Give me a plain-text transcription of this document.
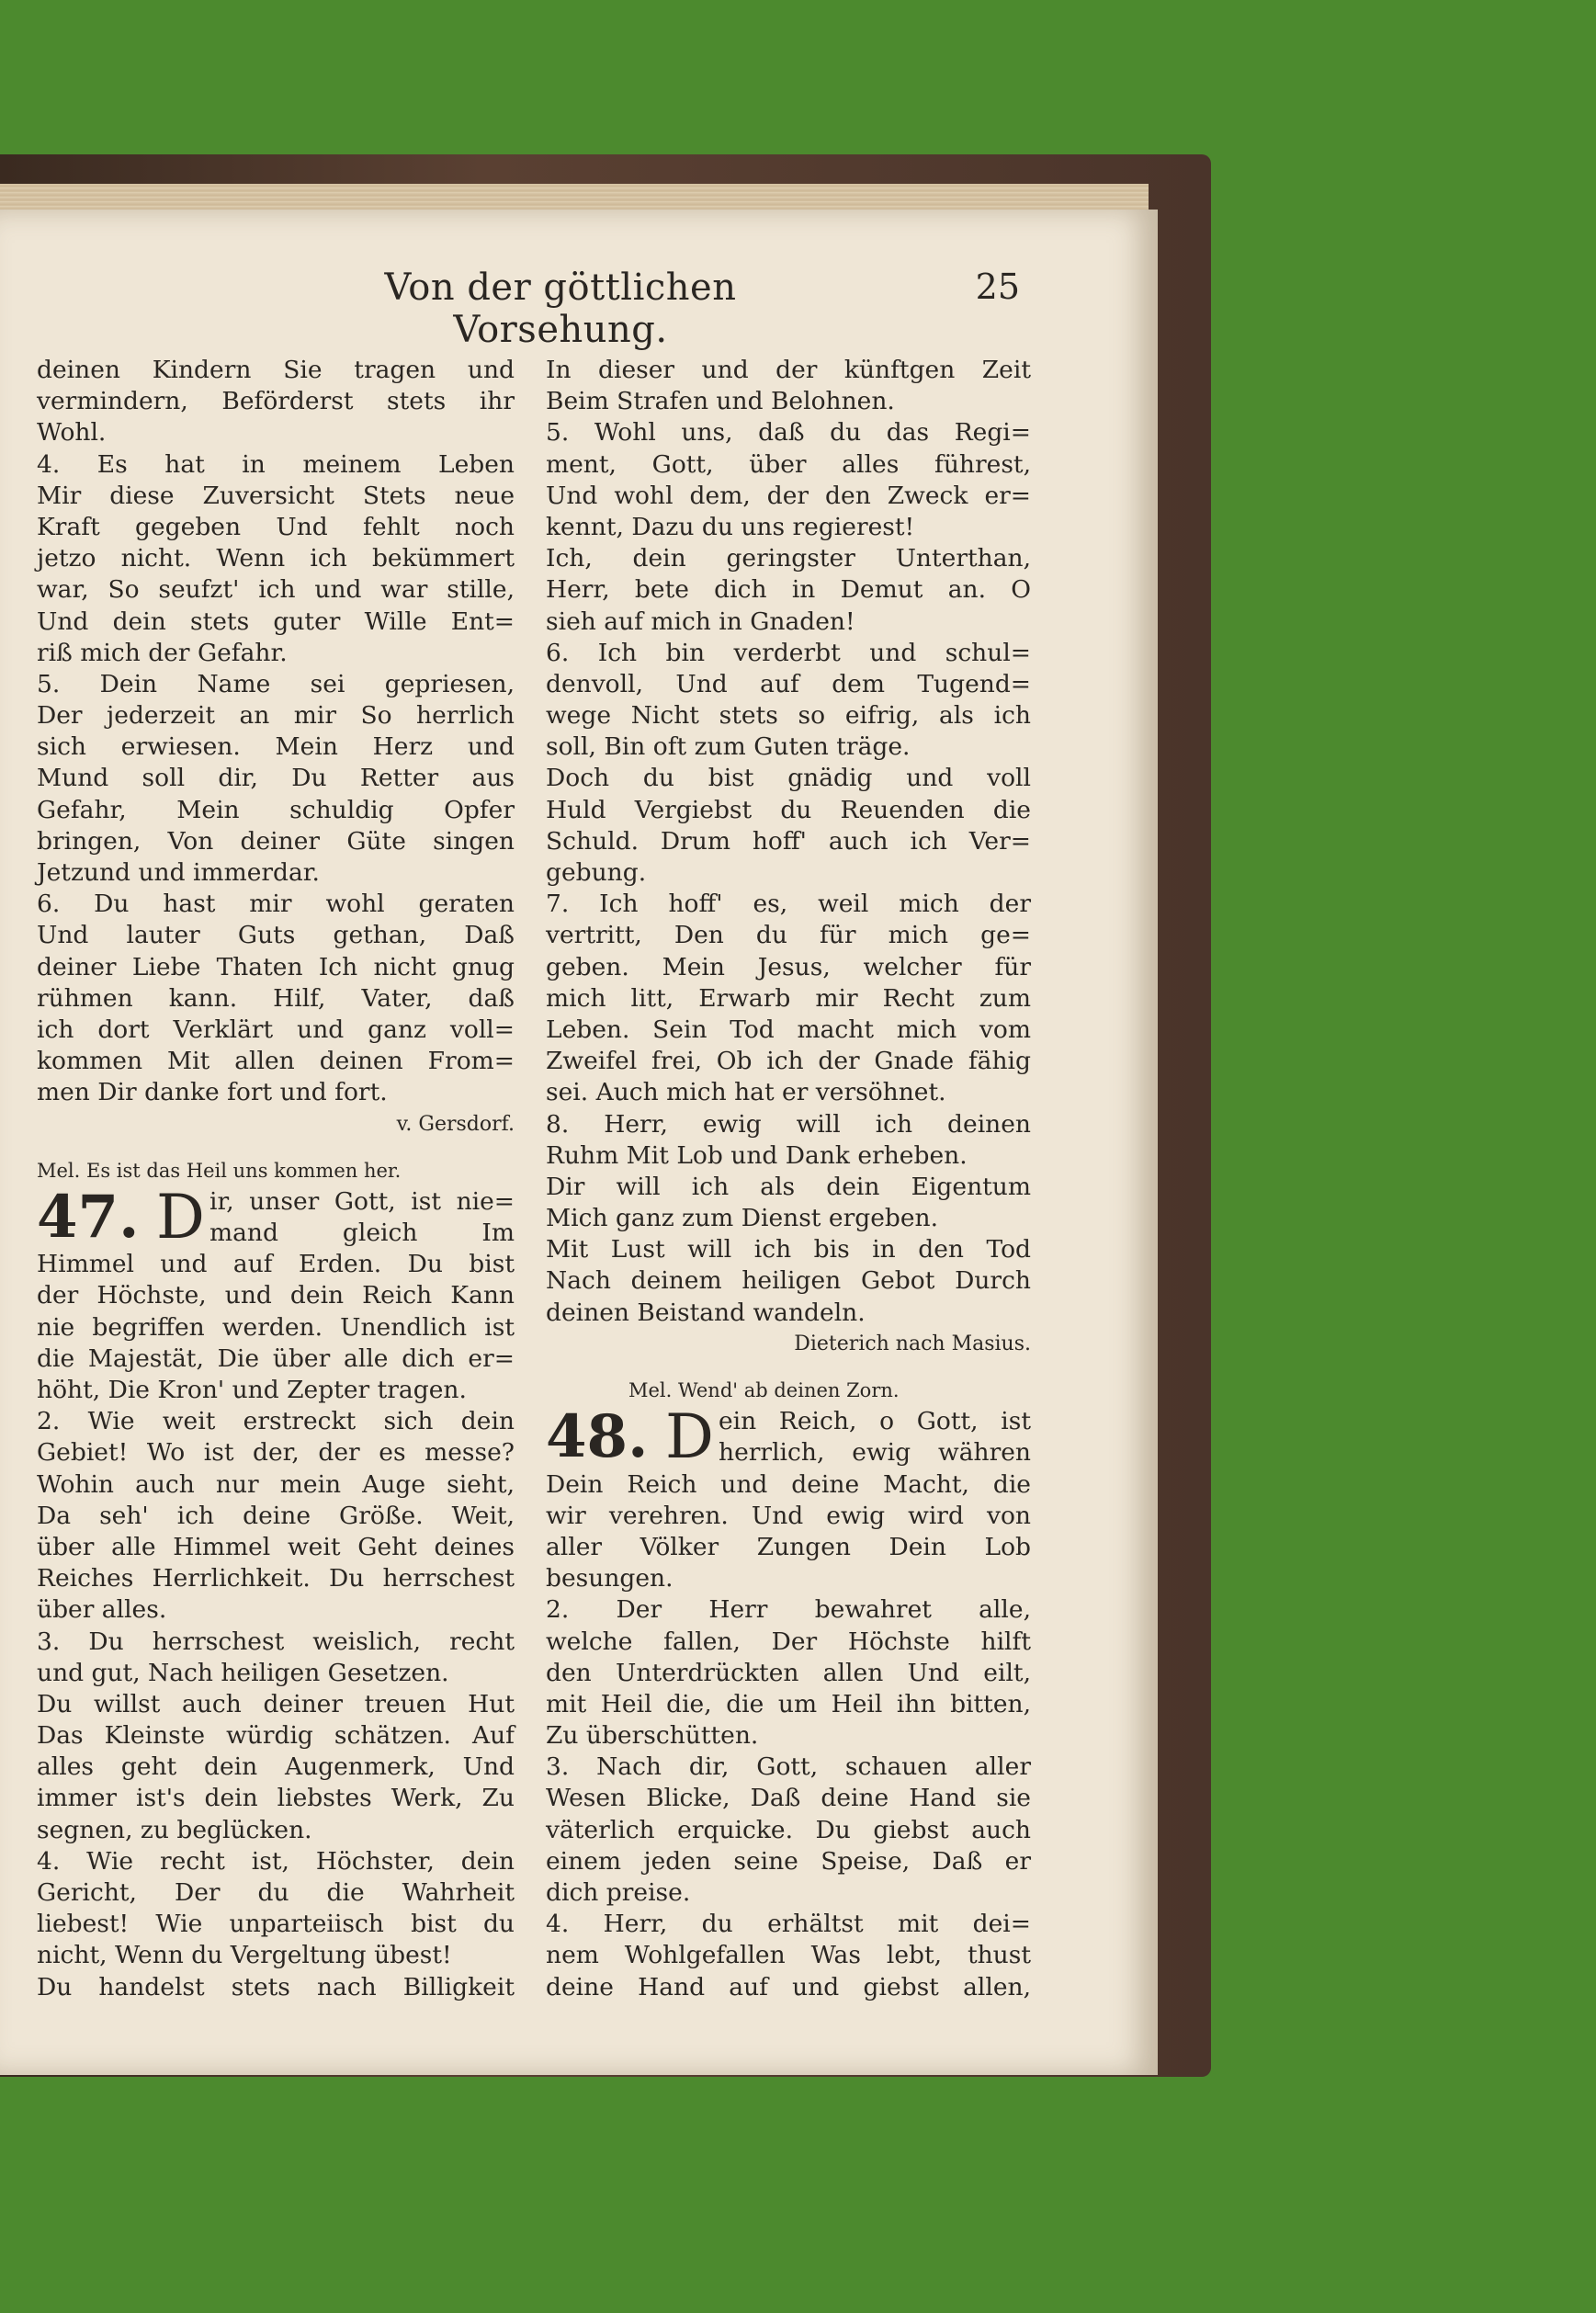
Von der göttlichen Vorsehung.
25
deinen Kindern Sie tragen und
vermindern, Beförderst stets ihr
Wohl.
4. Es hat in meinem Leben
Mir diese Zuversicht Stets neue
Kraft gegeben Und fehlt noch
jetzo nicht. Wenn ich bekümmert
war, So seufzt' ich und war stille,
Und dein stets guter Wille Ent=
riß mich der Gefahr.
5. Dein Name sei gepriesen,
Der jederzeit an mir So herrlich
sich erwiesen. Mein Herz und
Mund soll dir, Du Retter aus
Gefahr, Mein schuldig Opfer
bringen, Von deiner Güte singen
Jetzund und immerdar.
6. Du hast mir wohl geraten
Und lauter Guts gethan, Daß
deiner Liebe Thaten Ich nicht gnug
rühmen kann. Hilf, Vater, daß
ich dort Verklärt und ganz voll=
kommen Mit allen deinen From=
men Dir danke fort und fort.
v. Gersdorf.
Mel. Es ist das Heil uns kommen her.
47. D ir, unser Gott, ist nie=
mand gleich Im
Himmel und auf Erden. Du bist
der Höchste, und dein Reich Kann
nie begriffen werden. Unendlich ist
die Majestät, Die über alle dich er=
höht, Die Kron' und Zepter tragen.
2. Wie weit erstreckt sich dein
Gebiet! Wo ist der, der es messe?
Wohin auch nur mein Auge sieht,
Da seh' ich deine Größe. Weit,
über alle Himmel weit Geht deines
Reiches Herrlichkeit. Du herrschest
über alles.
3. Du herrschest weislich, recht
und gut, Nach heiligen Gesetzen.
Du willst auch deiner treuen Hut
Das Kleinste würdig schätzen. Auf
alles geht dein Augenmerk, Und
immer ist's dein liebstes Werk, Zu
segnen, zu beglücken.
4. Wie recht ist, Höchster, dein
Gericht, Der du die Wahrheit
liebest! Wie unparteiisch bist du
nicht, Wenn du Vergeltung übest!
Du handelst stets nach Billigkeit
In dieser und der künftgen Zeit
Beim Strafen und Belohnen.
5. Wohl uns, daß du das Regi=
ment, Gott, über alles führest,
Und wohl dem, der den Zweck er=
kennt, Dazu du uns regierest!
Ich, dein geringster Unterthan,
Herr, bete dich in Demut an. O
sieh auf mich in Gnaden!
6. Ich bin verderbt und schul=
denvoll, Und auf dem Tugend=
wege Nicht stets so eifrig, als ich
soll, Bin oft zum Guten träge.
Doch du bist gnädig und voll
Huld Vergiebst du Reuenden die
Schuld. Drum hoff' auch ich Ver=
gebung.
7. Ich hoff' es, weil mich der
vertritt, Den du für mich ge=
geben. Mein Jesus, welcher für
mich litt, Erwarb mir Recht zum
Leben. Sein Tod macht mich vom
Zweifel frei, Ob ich der Gnade fähig
sei. Auch mich hat er versöhnet.
8. Herr, ewig will ich deinen
Ruhm Mit Lob und Dank erheben.
Dir will ich als dein Eigentum
Mich ganz zum Dienst ergeben.
Mit Lust will ich bis in den Tod
Nach deinem heiligen Gebot Durch
deinen Beistand wandeln.
Dieterich nach Masius.
Mel. Wend' ab deinen Zorn.
48. D ein Reich, o Gott, ist
herrlich, ewig währen
Dein Reich und deine Macht, die
wir verehren. Und ewig wird von
aller Völker Zungen Dein Lob
besungen.
2. Der Herr bewahret alle,
welche fallen, Der Höchste hilft
den Unterdrückten allen Und eilt,
mit Heil die, die um Heil ihn bitten,
Zu überschütten.
3. Nach dir, Gott, schauen aller
Wesen Blicke, Daß deine Hand sie
väterlich erquicke. Du giebst auch
einem jeden seine Speise, Daß er
dich preise.
4. Herr, du erhältst mit dei=
nem Wohlgefallen Was lebt, thust
deine Hand auf und giebst allen,
